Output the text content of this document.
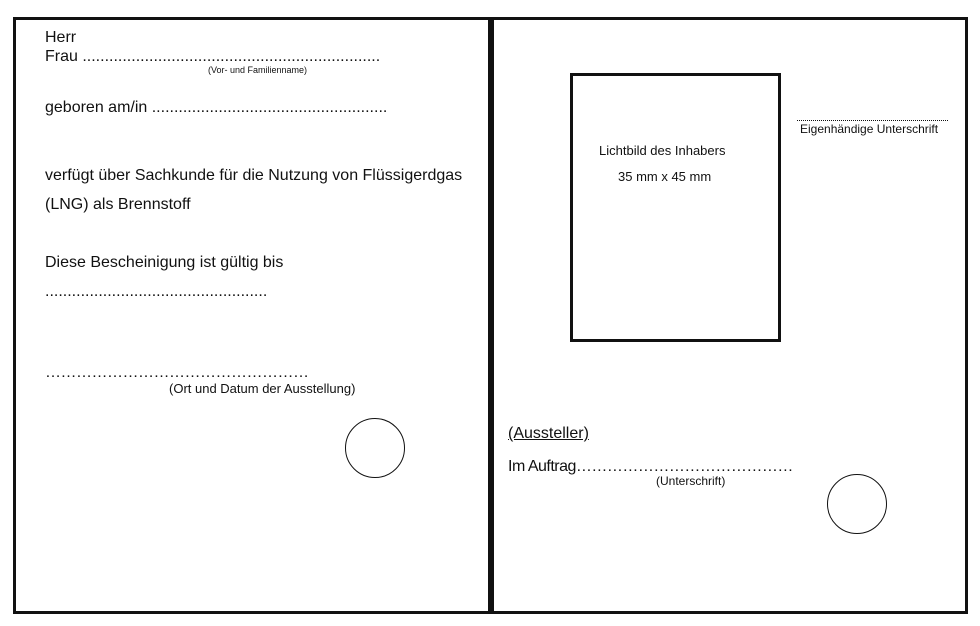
Herr
Frau ...................................................................
(Vor- und Familienname)
geboren am/in .....................................................
verfügt über Sachkunde für die Nutzung von Flüssigerdgas
(LNG) als Brennstoff
Diese Bescheinigung ist gültig bis
..................................................
……………………………………………
(Ort und Datum der Ausstellung)
Lichtbild des Inhabers
35 mm x 45 mm
Eigenhändige Unterschrift
(Aussteller)
Im Auftrag……………………………………
(Unterschrift)
